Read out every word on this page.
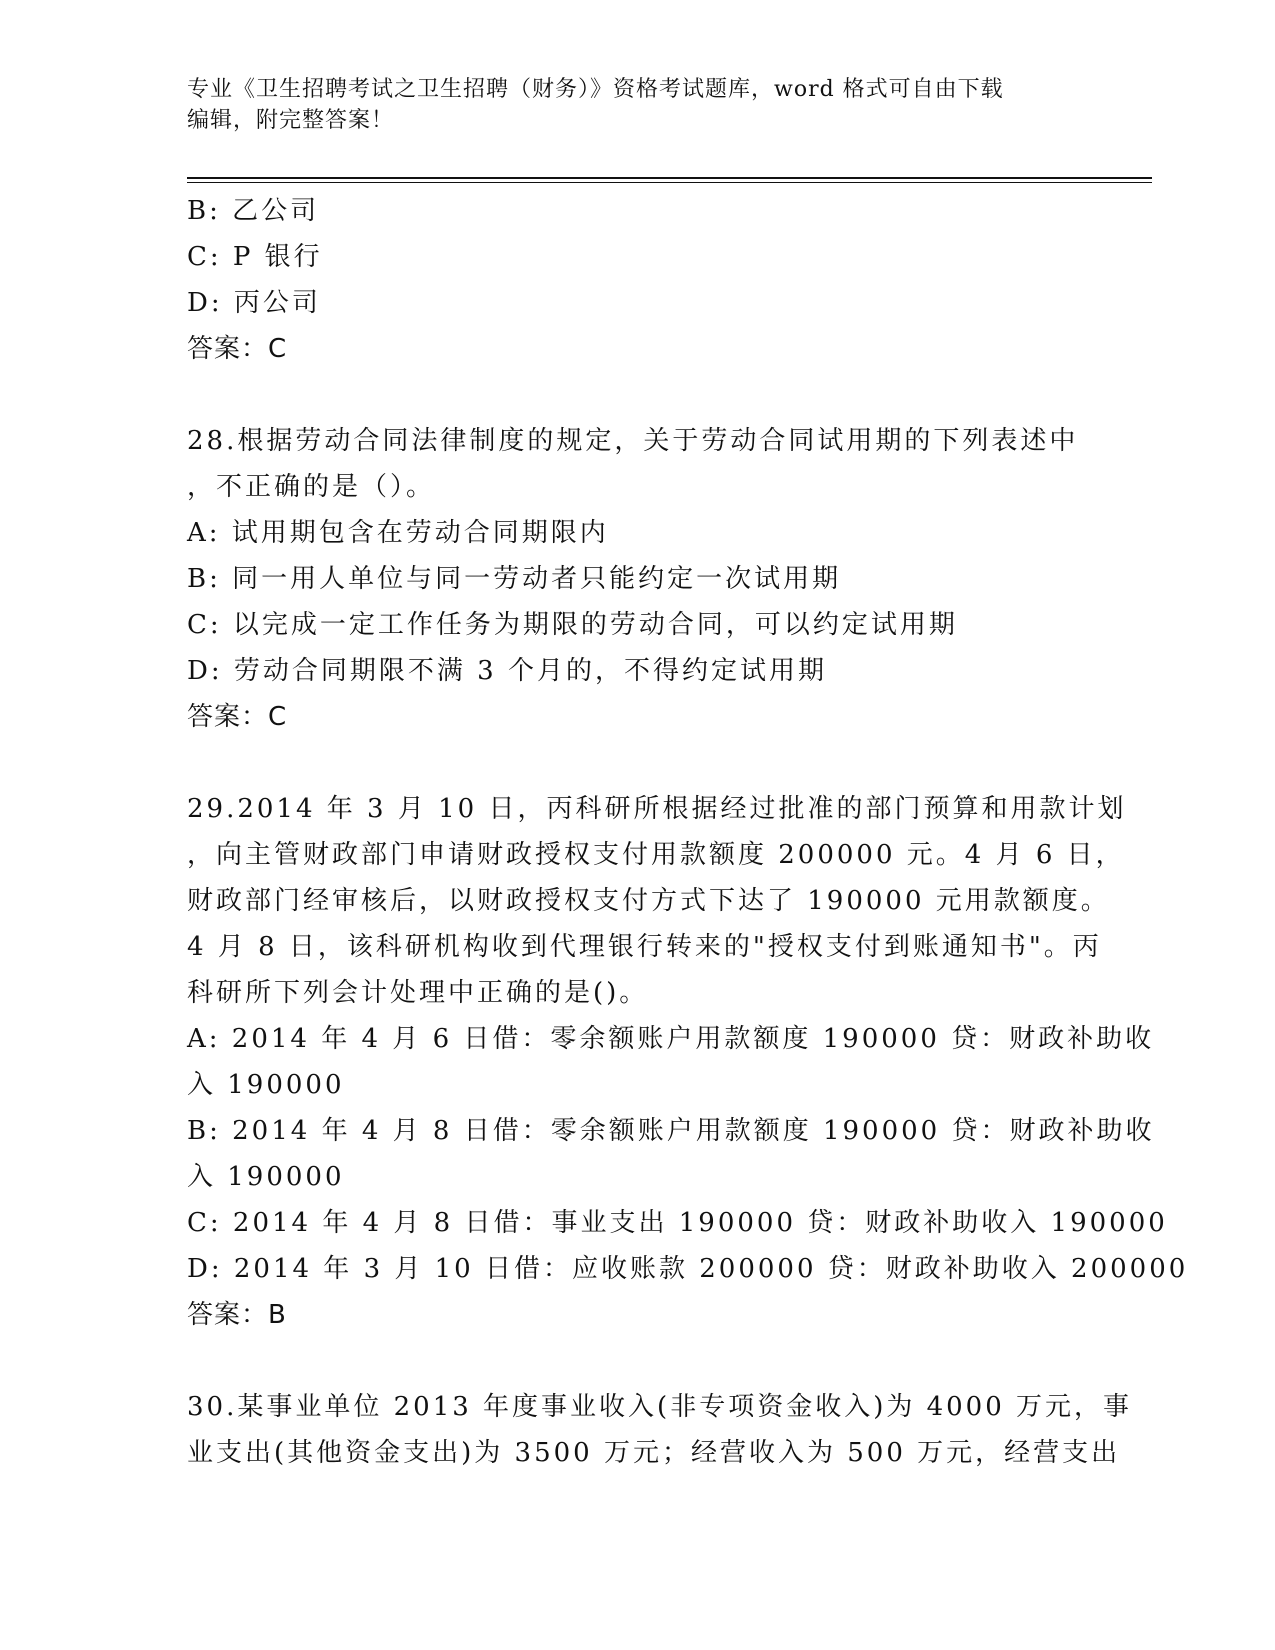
专业《卫生招聘考试之卫生招聘（财务）》资格考试题库，word 格式可自由下载
编辑，附完整答案！
B: 乙公司
C: P 银行
D: 丙公司
答案：C
28.根据劳动合同法律制度的规定，关于劳动合同试用期的下列表述中
，不正确的是（）。
A: 试用期包含在劳动合同期限内
B: 同一用人单位与同一劳动者只能约定一次试用期
C: 以完成一定工作任务为期限的劳动合同，可以约定试用期
D: 劳动合同期限不满 3 个月的，不得约定试用期
答案：C
29.2014 年 3 月 10 日，丙科研所根据经过批准的部门预算和用款计划
，向主管财政部门申请财政授权支付用款额度 200000 元。4 月 6 日，
财政部门经审核后，以财政授权支付方式下达了 190000 元用款额度。
4 月 8 日，该科研机构收到代理银行转来的"授权支付到账通知书"。丙
科研所下列会计处理中正确的是()。
A: 2014 年 4 月 6 日借：零余额账户用款额度 190000 贷：财政补助收
入 190000
B: 2014 年 4 月 8 日借：零余额账户用款额度 190000 贷：财政补助收
入 190000
C: 2014 年 4 月 8 日借：事业支出 190000 贷：财政补助收入 190000
D: 2014 年 3 月 10 日借：应收账款 200000 贷：财政补助收入 200000
答案：B
30.某事业单位 2013 年度事业收入(非专项资金收入)为 4000 万元，事
业支出(其他资金支出)为 3500 万元；经营收入为 500 万元，经营支出
